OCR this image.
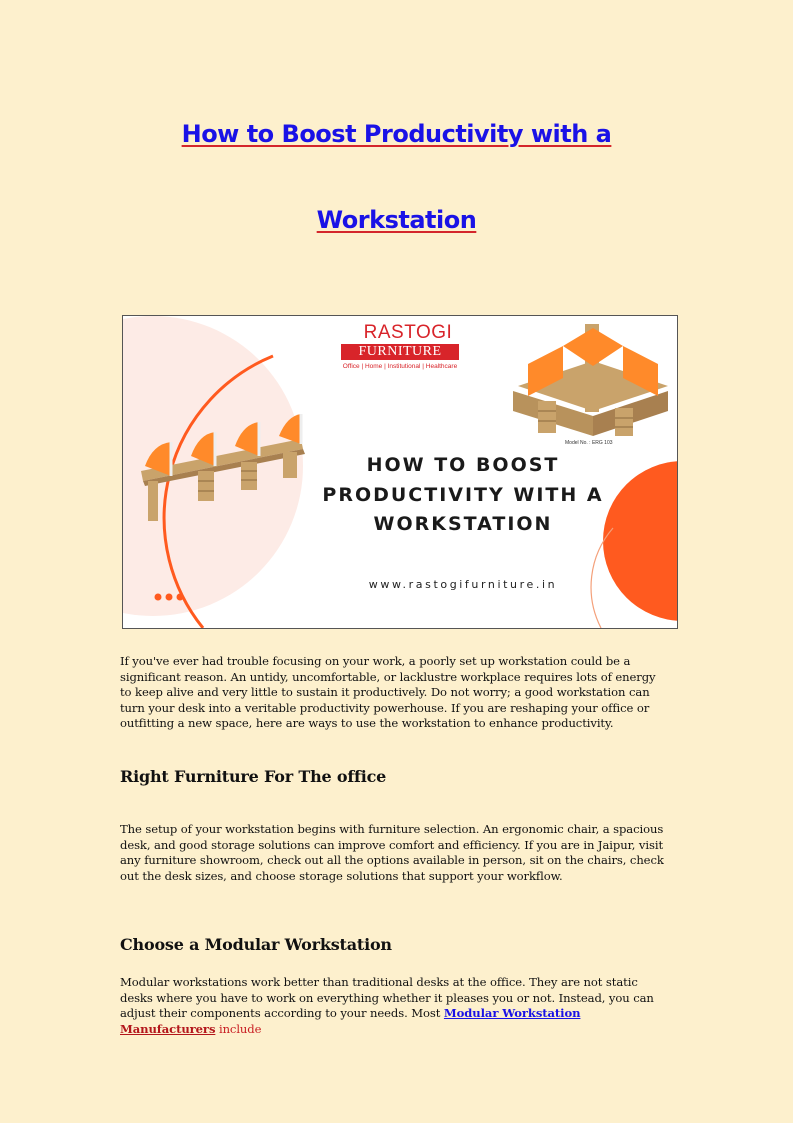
How to Boost Productivity with a
Workstation
RASTOGI
FURNITURE
Office | Home | Institutional | Healthcare
Model No. : ERG 103
HOW TO BOOST
PRODUCTIVITY WITH A
WORKSTATION
www.rastogifurniture.in

If you've ever had trouble focusing on your work, a poorly set up workstation could be a significant reason. An untidy, uncomfortable, or lacklustre workplace requires lots of energy to keep alive and very little to sustain it productively. Do not worry; a good workstation can turn your desk into a veritable productivity powerhouse. If you are reshaping your office or outfitting a new space, here are ways to use the workstation to enhance productivity.

Right Furniture For The office

The setup of your workstation begins with furniture selection. An ergonomic chair, a spacious desk, and good storage solutions can improve comfort and efficiency. If you are in Jaipur, visit any furniture showroom, check out all the options available in person, sit on the chairs, check out the desk sizes, and choose storage solutions that support your workflow.

Choose a Modular Workstation

Modular workstations work better than traditional desks at the office. They are not static desks where you have to work on everything whether it pleases you or not. Instead, you can adjust their components according to your needs. Most Modular Workstation Manufacturers include
